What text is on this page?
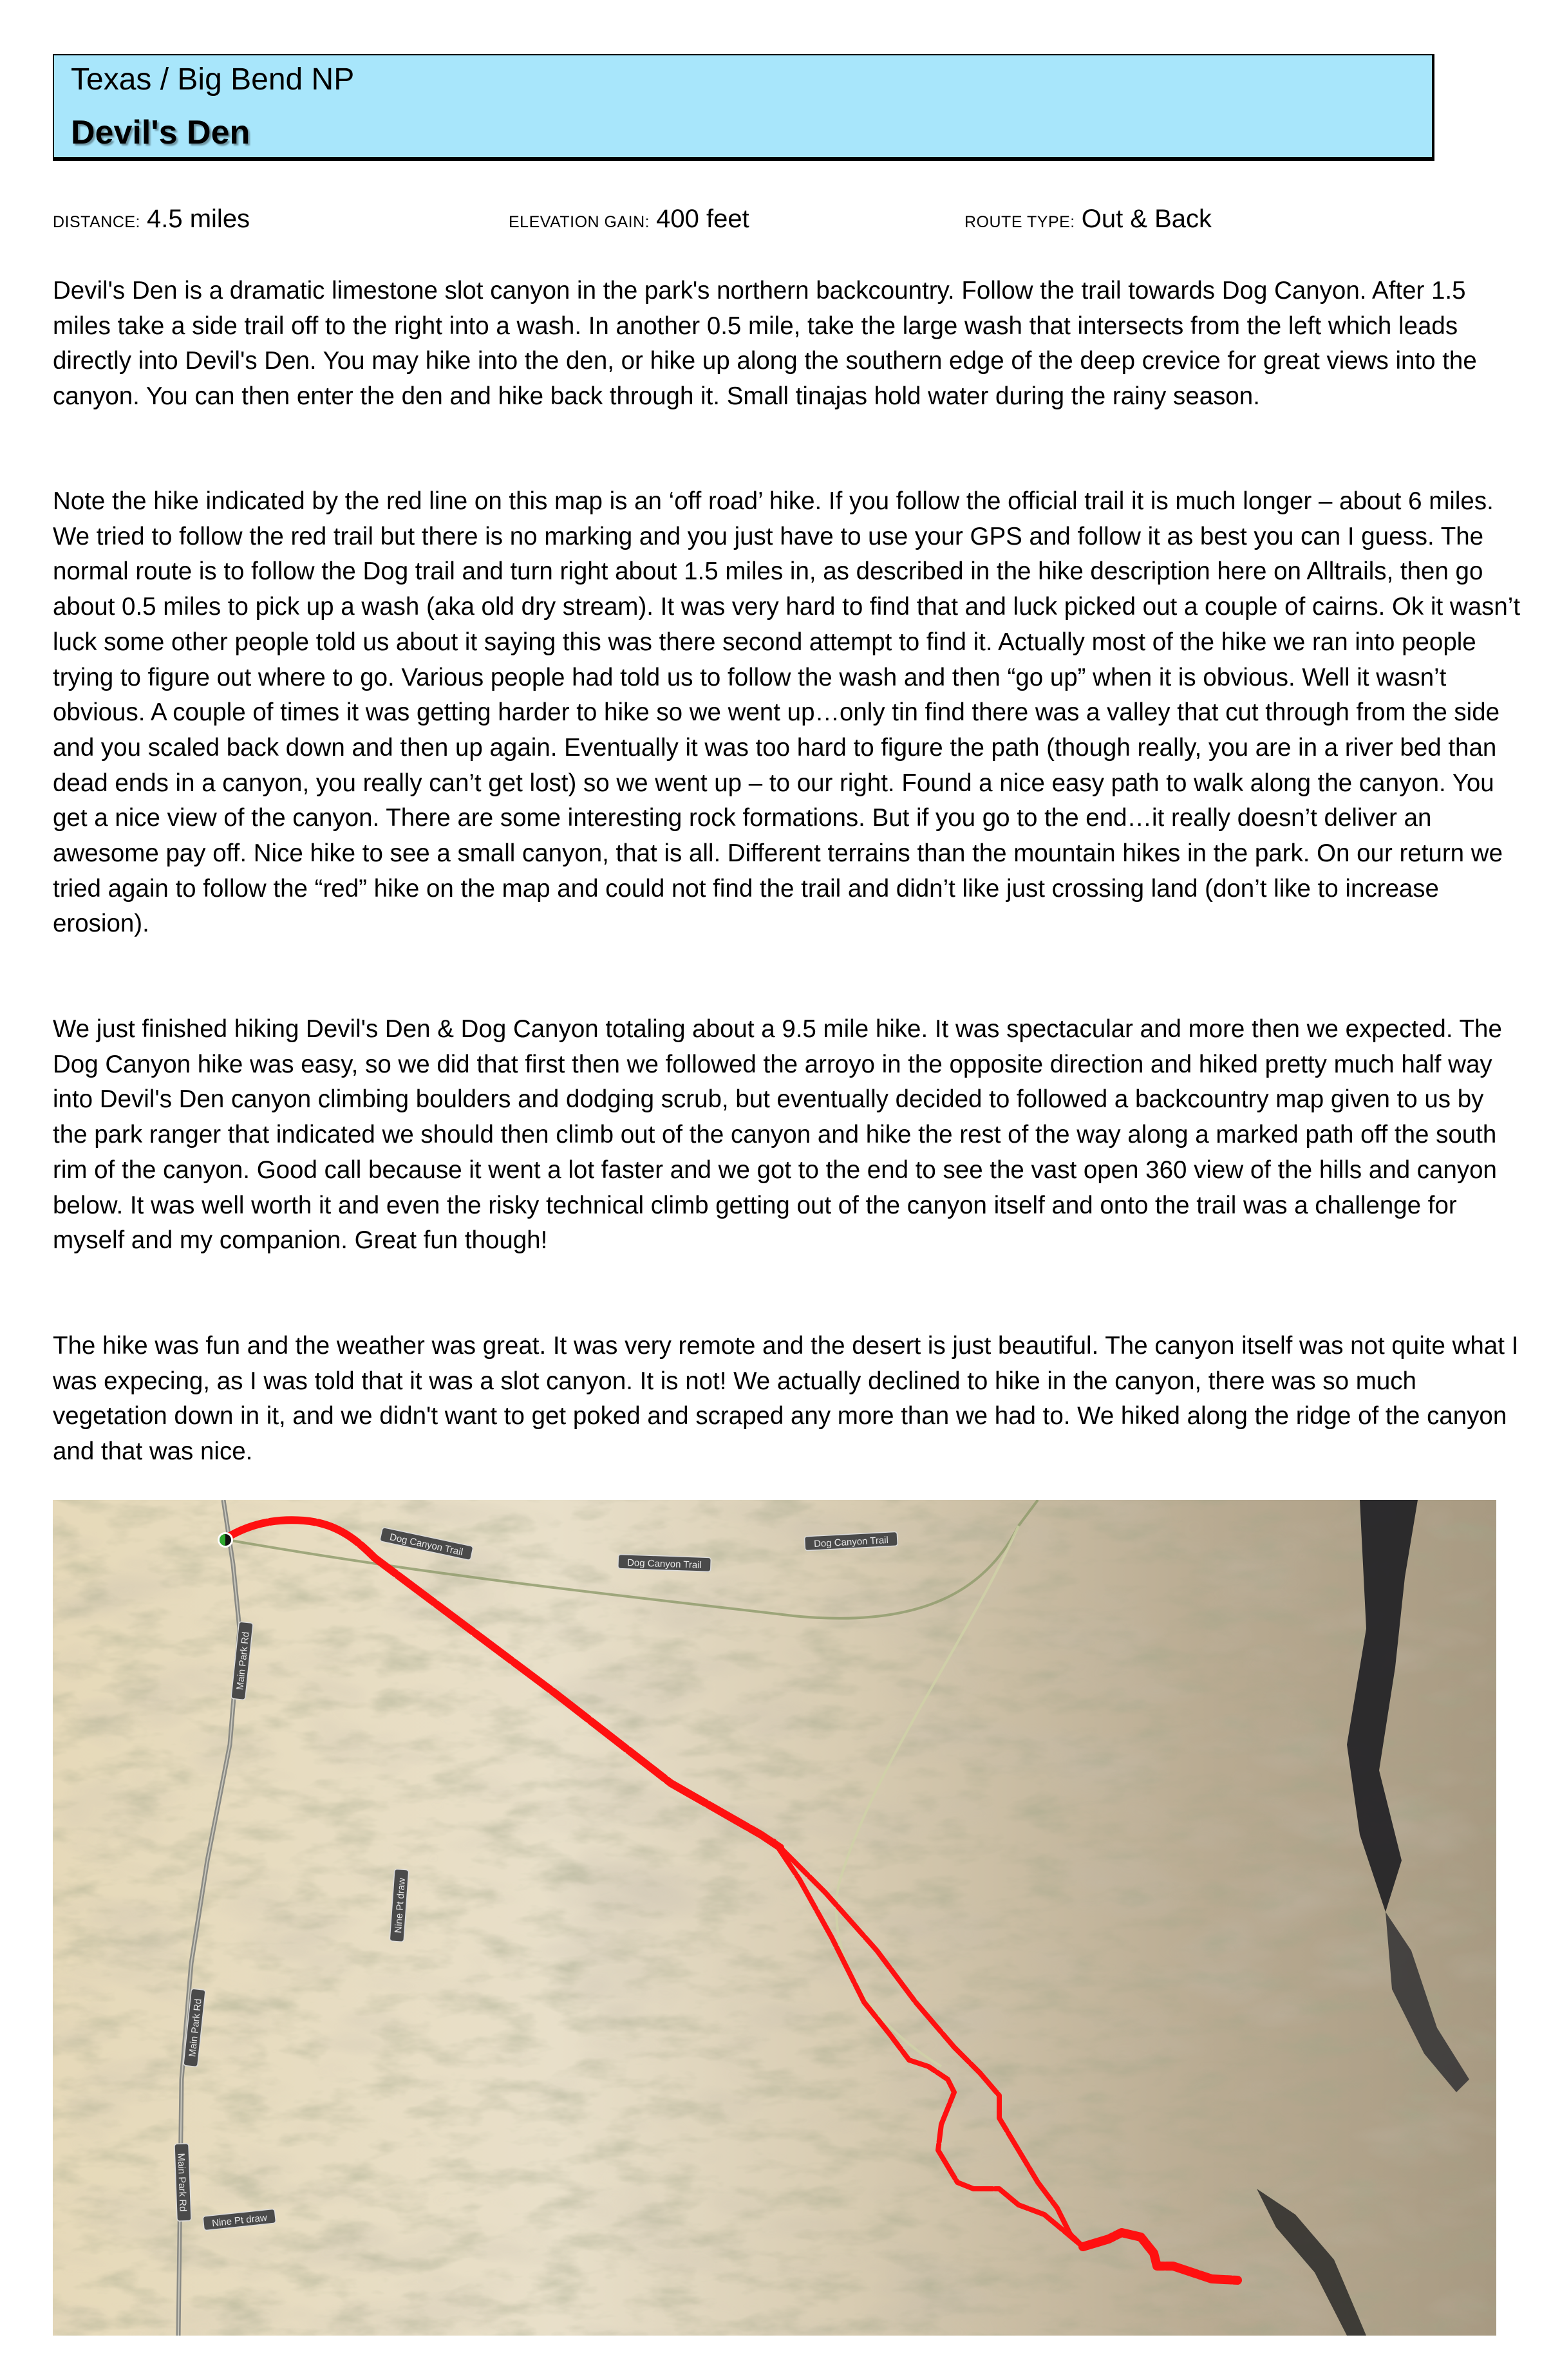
Texas / Big Bend NP
Devil's Den
DISTANCE: 4.5 miles	ELEVATION GAIN: 400 feet	ROUTE TYPE: Out & Back

Devil's Den is a dramatic limestone slot canyon in the park's northern backcountry. Follow the trail towards Dog Canyon. After 1.5 miles take a side trail off to the right into a wash. In another 0.5 mile, take the large wash that intersects from the left which leads directly into Devil's Den. You may hike into the den, or hike up along the southern edge of the deep crevice for great views into the canyon. You can then enter the den and hike back through it. Small tinajas hold water during the rainy season.

Note the hike indicated by the red line on this map is an ‘off road’ hike. If you follow the official trail it is much longer – about 6 miles. We tried to follow the red trail but there is no marking and you just have to use your GPS and follow it as best you can I guess. The normal route is to follow the Dog trail and turn right about 1.5 miles in, as described in the hike description here on Alltrails, then go about 0.5 miles to pick up a wash (aka old dry stream). It was very hard to find that and luck picked out a couple of cairns. Ok it wasn’t luck some other people told us about it saying this was there second attempt to find it. Actually most of the hike we ran into people trying to figure out where to go. Various people had told us to follow the wash and then “go up” when it is obvious. Well it wasn’t obvious. A couple of times it was getting harder to hike so we went up…only tin find there was a valley that cut through from the side and you scaled back down and then up again. Eventually it was too hard to figure the path (though really, you are in a river bed than dead ends in a canyon, you really can’t get lost) so we went up – to our right. Found a nice easy path to walk along the canyon. You get a nice view of the canyon. There are some interesting rock formations. But if you go to the end…it really doesn’t deliver an awesome pay off. Nice hike to see a small canyon, that is all. Different terrains than the mountain hikes in the park. On our return we tried again to follow the “red” hike on the map and could not find the trail and didn’t like just crossing land (don’t like to increase erosion).

We just finished hiking Devil's Den & Dog Canyon totaling about a 9.5 mile hike. It was spectacular and more then we expected. The Dog Canyon hike was easy, so we did that first then we followed the arroyo in the opposite direction and hiked pretty much half way into Devil's Den canyon climbing boulders and dodging scrub, but eventually decided to followed a backcountry map given to us by the park ranger that indicated we should then climb out of the canyon and hike the rest of the way along a marked path off the south rim of the canyon. Good call because it went a lot faster and we got to the end to see the vast open 360 view of the hills and canyon below. It was well worth it and even the risky technical climb getting out of the canyon itself and onto the trail was a challenge for myself and my companion. Great fun though!

The hike was fun and the weather was great. It was very remote and the desert is just beautiful. The canyon itself was not quite what I was expecing, as I was told that it was a slot canyon. It is not! We actually declined to hike in the canyon, there was so much vegetation down in it, and we didn't want to get poked and scraped any more than we had to. We hiked along the ridge of the canyon and that was nice.

Main Park Rd
Main Park Rd
Main Park Rd
Nine Pt draw
Nine Pt draw
Dog Canyon Trail
Dog Canyon Trail
Dog Canyon Trail
